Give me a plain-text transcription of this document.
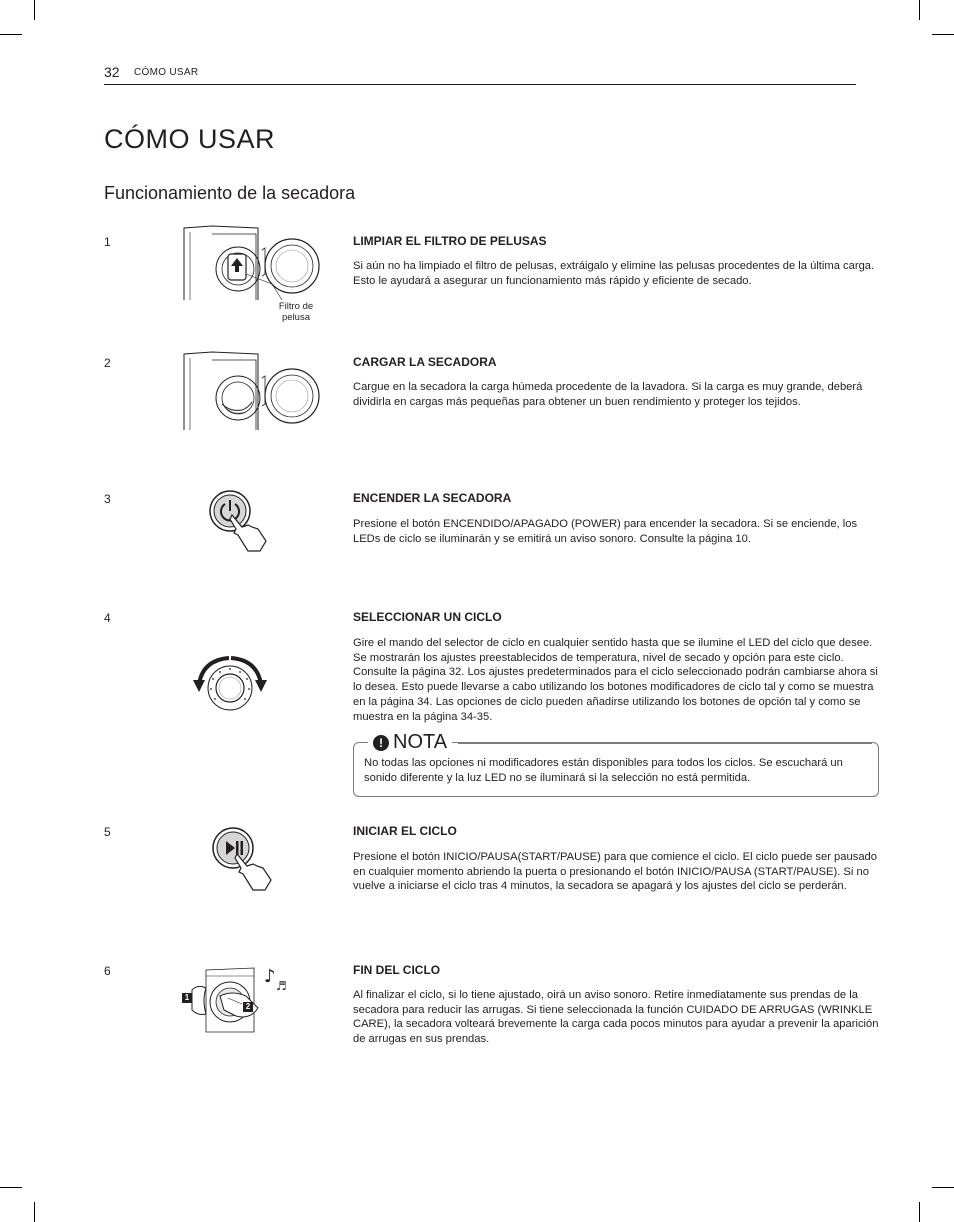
32 CÓMO USAR
CÓMO USAR
Funcionamiento de la secadora
1
Filtro de pelusa
LIMPIAR EL FILTRO DE PELUSAS
Si aún no ha limpiado el filtro de pelusas, extráigalo y elimine las pelusas procedentes de la última carga. Esto le ayudará a asegurar un funcionamiento más rápido y eficiente de secado.
2	CARGAR LA SECADORA
Cargue en la secadora la carga húmeda procedente de la lavadora. Si la carga es muy grande, deberá dividirla en cargas más pequeñas para obtener un buen rendimiento y proteger los tejidos.
3	ENCENDER LA SECADORA
Presione el botón ENCENDIDO/APAGADO (POWER) para encender la secadora. Si se enciende, los LEDs de ciclo se iluminarán y se emitirá un aviso sonoro. Consulte la página 10.
4	SELECCIONAR UN CICLO
Gire el mando del selector de ciclo en cualquier sentido hasta que se ilumine el LED del ciclo que desee. Se mostrarán los ajustes preestablecidos de temperatura, nivel de secado y opción para este ciclo. Consulte la página 32. Los ajustes predeterminados para el ciclo seleccionado podrán cambiarse ahora si lo desea. Esto puede llevarse a cabo utilizando los botones modificadores de ciclo tal y como se muestra en la página 34. Las opciones de ciclo pueden añadirse utilizando los botones de opción tal y como se muestra en la página 34-35.
! NOTA
No todas las opciones ni modificadores están disponibles para todos los ciclos. Se escuchará un sonido diferente y la luz LED no se iluminará si la selección no está permitida.
5	INICIAR EL CICLO
Presione el botón INICIO/PAUSA(START/PAUSE) para que comience el ciclo. El ciclo puede ser pausado en cualquier momento abriendo la puerta o presionando el botón INICIO/PAUSA (START/PAUSE). Si no vuelve a iniciarse el ciclo tras 4 minutos, la secadora se apagará y los ajustes del ciclo se perderán.
6	♪ ♬
1
2
FIN DEL CICLO
Al finalizar el ciclo, si lo tiene ajustado, oirá un aviso sonoro. Retire inmediatamente sus prendas de la secadora para reducir las arrugas. Si tiene seleccionada la función CUIDADO DE ARRUGAS (WRINKLE CARE), la secadora volteará brevemente la carga cada pocos minutos para ayudar a prevenir la aparición de arrugas en sus prendas.
